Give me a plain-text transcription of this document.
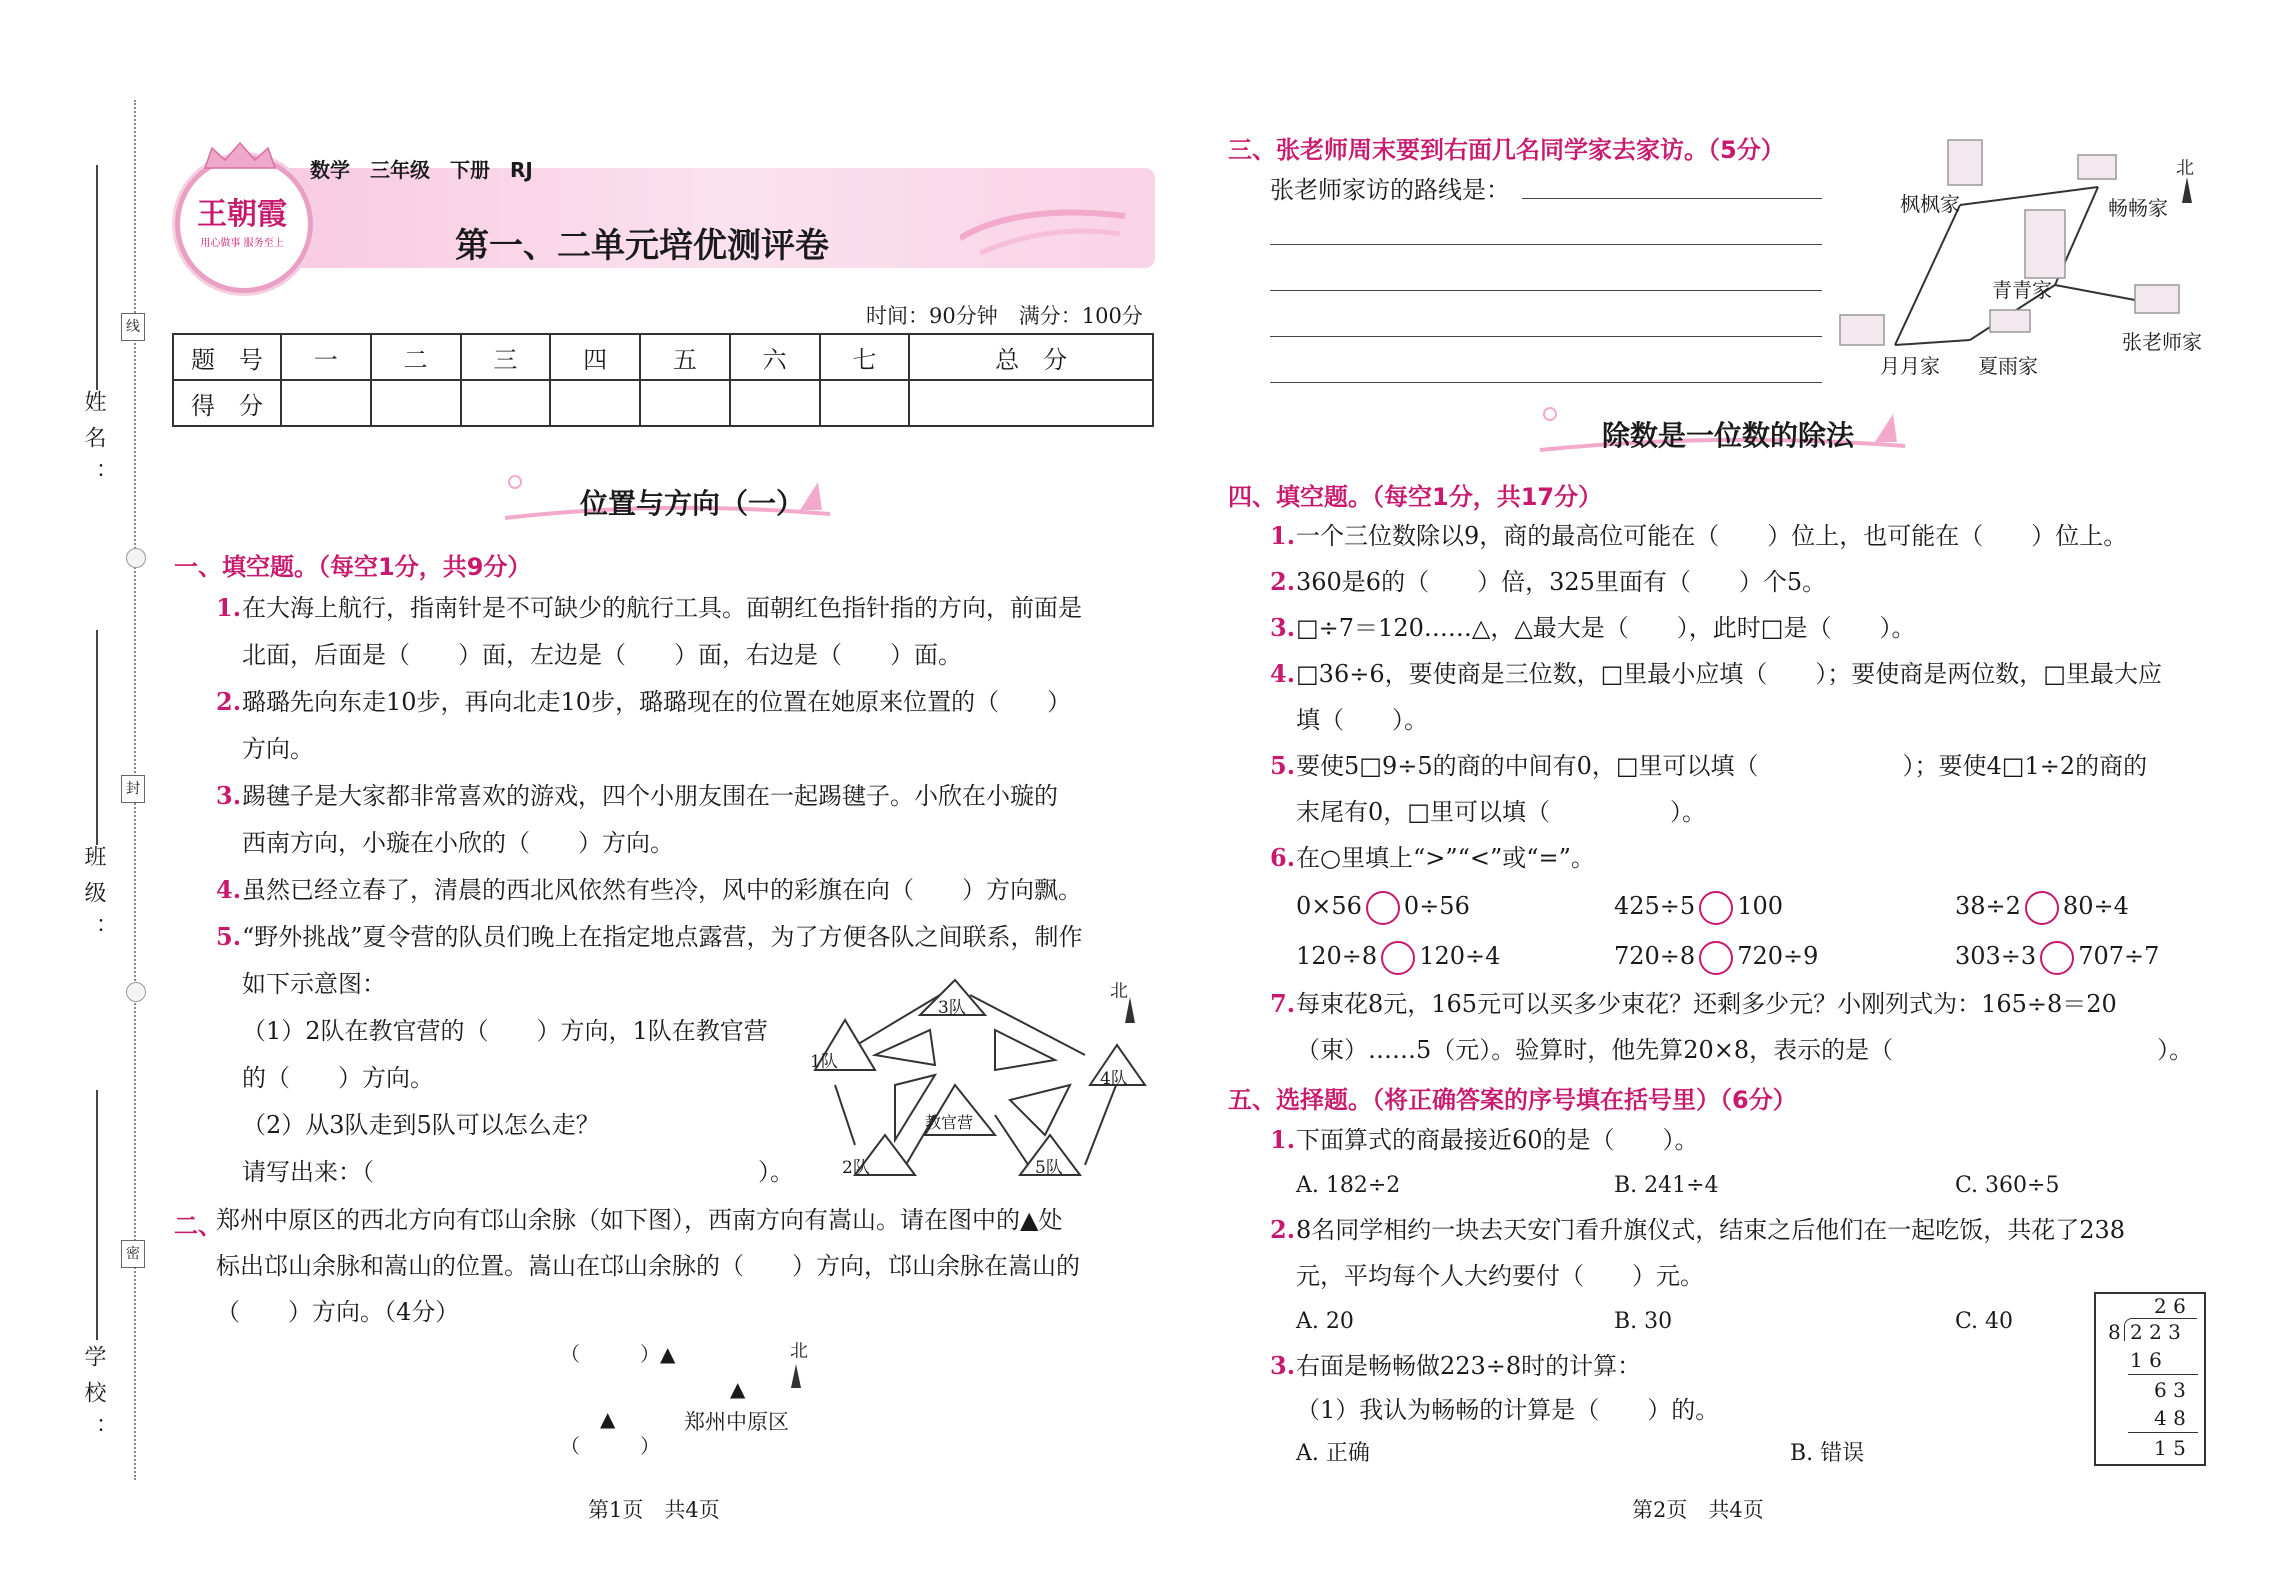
姓名：
班级：
学校：
线
封
密
王朝霞
用心做事 服务至上
数学　三年级　下册　RJ
第一、二单元培优测评卷
时间：90分钟　满分：100分
题　号	一	二	三	四	五	六	七	总　分
得　分								
位置与方向（一）
一、填空题。（每空1分，共9分）
1. 在大海上航行，指南针是不可缺少的航行工具。面朝红色指针指的方向，前面是
北面，后面是（　　）面，左边是（　　）面，右边是（　　）面。
2. 璐璐先向东走10步，再向北走10步，璐璐现在的位置在她原来位置的（　　）
方向。
3. 踢毽子是大家都非常喜欢的游戏，四个小朋友围在一起踢毽子。小欣在小璇的
西南方向，小璇在小欣的（　　）方向。
4. 虽然已经立春了，清晨的西北风依然有些冷，风中的彩旗在向（　　）方向飘。
5. “野外挑战”夏令营的队员们晚上在指定地点露营，为了方便各队之间联系，制作
如下示意图：
（1）2队在教官营的（　　）方向，1队在教官营
的（　　）方向。
（2）从3队走到5队可以怎么走？
请写出来：（　　　　　　　　　　　　　　　　）。
北
1队
3队
4队
教官营
2队	5队
二、
郑州中原区的西北方向有邙山余脉（如下图），西南方向有嵩山。请在图中的▲处
标出邙山余脉和嵩山的位置。嵩山在邙山余脉的（　　）方向，邙山余脉在嵩山的
（　　）方向。（4分）
（　　　）▲	北
▲
▲	郑州中原区
（　　　）
第1页　共4页
三、张老师周末要到右面几名同学家去家访。（5分）
张老师家访的路线是：
北
枫枫家	畅畅家
青青家
张老师家
月月家 夏雨家
除数是一位数的除法
四、填空题。（每空1分，共17分）
1. 一个三位数除以9，商的最高位可能在（　　）位上，也可能在（　　）位上。
2. 360是6的（　　）倍，325里面有（　　）个5。
3. □÷7＝120……△，△最大是（　　），此时□是（　　）。
4. □36÷6，要使商是三位数，□里最小应填（　　）；要使商是两位数，□里最大应
填（　　）。
5. 要使5□9÷5的商的中间有0，□里可以填（　　　　　　）；要使4□1÷2的商的
末尾有0，□里可以填（　　　　　）。
6. 在○里填上“>”“<”或“=”。
0×56 0÷56	425÷5 100	38÷2 80÷4
120÷8 120÷4	720÷8 720÷9	303÷3 707÷7
7. 每束花8元，165元可以买多少束花？还剩多少元？小刚列式为：165÷8＝20
（束）……5（元）。验算时，他先算20×8，表示的是（　　　　　　　　　　　）。
五、选择题。（将正确答案的序号填在括号里）（6分）
1. 下面算式的商最接近60的是（　　）。
A. 182÷2	B. 241÷4	C. 360÷5
2. 8名同学相约一块去天安门看升旗仪式，结束之后他们在一起吃饭，共花了238
元，平均每个人大约要付（　　）元。
A. 20	B. 30	C. 40
3. 右面是畅畅做223÷8时的计算：
（1）我认为畅畅的计算是（　　）的。
A. 正确	B. 错误
2 6
8 2 2 3
1 6
6 3
4 8
1 5
第2页　共4页
